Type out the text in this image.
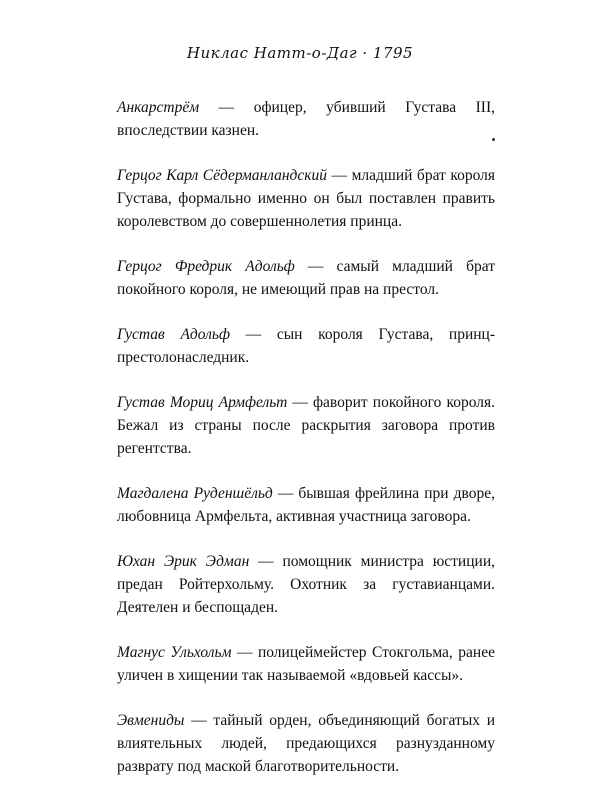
Никлас Натт-о-Даг · 1795

Анкарстрём — офицер, убивший Густава III, впоследствии казнен.

Герцог Карл Сёдерманландский — младший брат короля Густава, формально именно он был поставлен править королевством до совершеннолетия принца.

Герцог Фредрик Адольф — самый младший брат покойного короля, не имеющий прав на престол.

Густав Адольф — сын короля Густава, принц-престолонаследник.

Густав Мориц Армфельт — фаворит покойного короля. Бежал из страны после раскрытия заговора против регентства.

Магдалена Руденшёльд — бывшая фрейлина при дворе, любовница Армфельта, активная участница заговора.

Юхан Эрик Эдман — помощник министра юстиции, предан Ройтерхольму. Охотник за густавианцами. Деятелен и беспощаден.

Магнус Ульхольм — полицеймейстер Стокгольма, ранее уличен в хищении так называемой «вдовьей кассы».

Эвмениды — тайный орден, объединяющий богатых и влиятельных людей, предающихся разнузданному разврату под маской благотворительности.
